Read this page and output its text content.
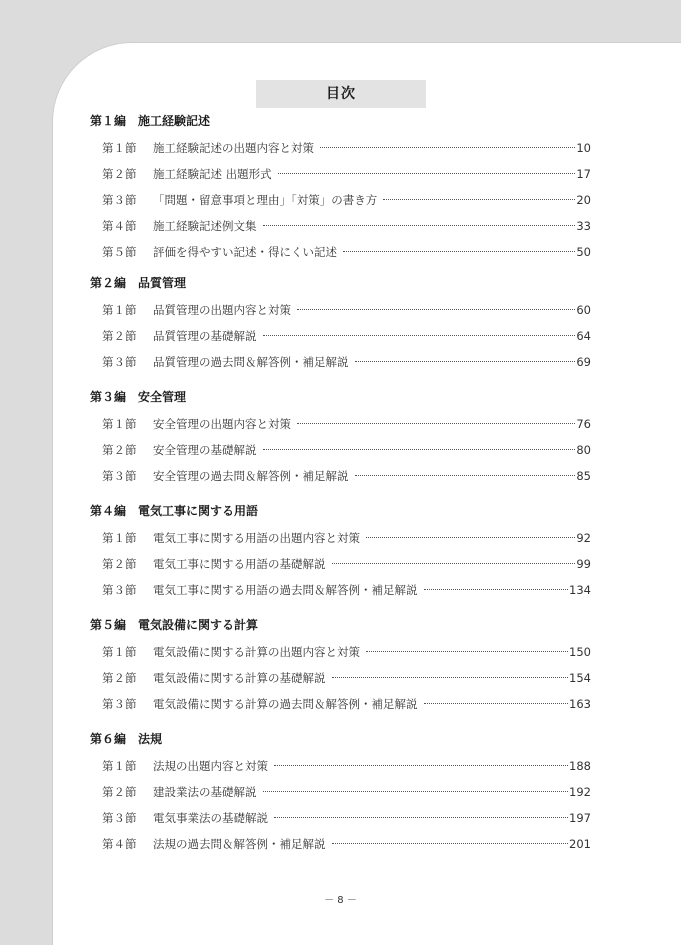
目次
第１編　施工経験記述
第１節	施工経験記述の出題内容と対策	10
第２節	施工経験記述 出題形式	17
第３節	「問題・留意事項と理由」「対策」の書き方	20
第４節	施工経験記述例文集	33
第５節	評価を得やすい記述・得にくい記述	50
第２編　品質管理
第１節	品質管理の出題内容と対策	60
第２節	品質管理の基礎解説	64
第３節	品質管理の過去問＆解答例・補足解説	69
第３編　安全管理
第１節	安全管理の出題内容と対策	76
第２節	安全管理の基礎解説	80
第３節	安全管理の過去問＆解答例・補足解説	85
第４編　電気工事に関する用語
第１節	電気工事に関する用語の出題内容と対策	92
第２節	電気工事に関する用語の基礎解説	99
第３節	電気工事に関する用語の過去問＆解答例・補足解説	134
第５編　電気設備に関する計算
第１節	電気設備に関する計算の出題内容と対策	150
第２節	電気設備に関する計算の基礎解説	154
第３節	電気設備に関する計算の過去問＆解答例・補足解説	163
第６編　法規
第１節	法規の出題内容と対策	188
第２節	建設業法の基礎解説	192
第３節	電気事業法の基礎解説	197
第４節	法規の過去問＆解答例・補足解説	201
－ 8 －
